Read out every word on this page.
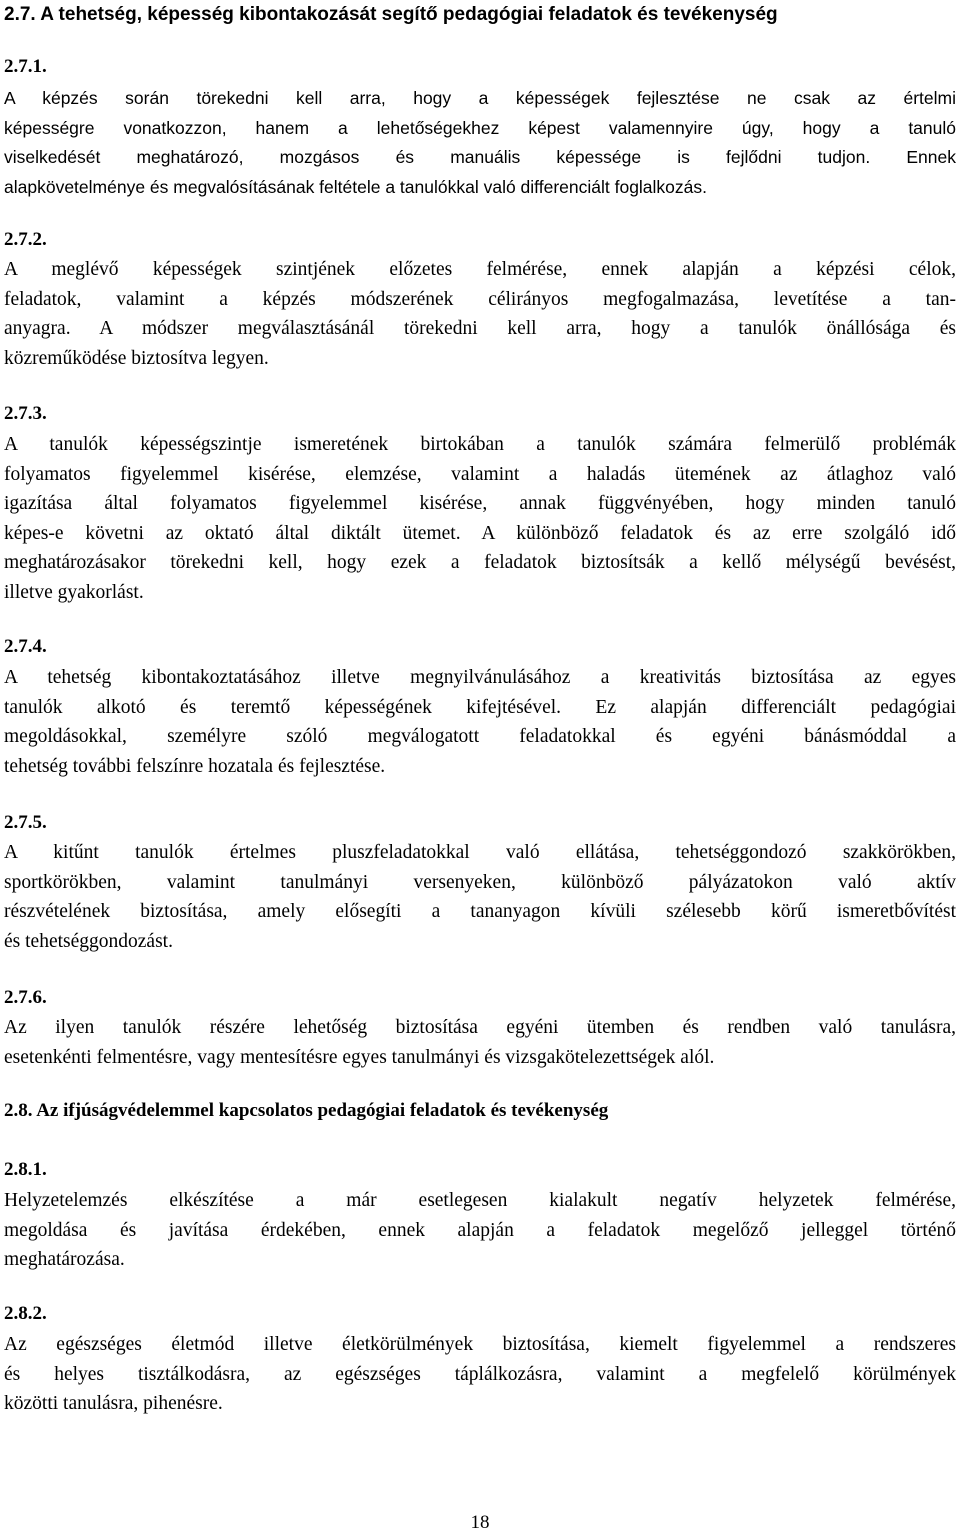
2.7. A tehetség, képesség kibontakozását segítő pedagógiai feladatok és tevékenység
2.7.1.
A képzés során törekedni kell arra, hogy a képességek fejlesztése ne csak az értelmi
képességre vonatkozzon, hanem a lehetőségekhez képest valamennyire úgy, hogy a tanuló
viselkedését meghatározó, mozgásos és manuális képessége is fejlődni tudjon. Ennek
alapkövetelménye és megvalósításának feltétele a tanulókkal való differenciált foglalkozás.
2.7.2.
A meglévő képességek szintjének előzetes felmérése, ennek alapján a képzési célok,
feladatok, valamint a képzés módszerének célirányos megfogalmazása, levetítése a tan-
anyagra. A módszer megválasztásánál törekedni kell arra, hogy a tanulók önállósága és
közreműködése biztosítva legyen.
2.7.3.
A tanulók képességszintje ismeretének birtokában a tanulók számára felmerülő problémák
folyamatos figyelemmel kisérése, elemzése, valamint a haladás ütemének az átlaghoz való
igazítása által folyamatos figyelemmel kisérése, annak függvényében, hogy minden tanuló
képes-e követni az oktató által diktált ütemet. A különböző feladatok és az erre szolgáló idő
meghatározásakor törekedni kell, hogy ezek a feladatok biztosítsák a kellő mélységű bevésést,
illetve gyakorlást.
2.7.4.
A tehetség kibontakoztatásához illetve megnyilvánulásához a kreativitás biztosítása az egyes
tanulók alkotó és teremtő képességének kifejtésével. Ez alapján differenciált pedagógiai
megoldásokkal, személyre szóló megválogatott feladatokkal és egyéni bánásmóddal a
tehetség további felszínre hozatala és fejlesztése.
2.7.5.
A kitűnt tanulók értelmes pluszfeladatokkal való ellátása, tehetséggondozó szakkörökben,
sportkörökben, valamint tanulmányi versenyeken, különböző pályázatokon való aktív
részvételének biztosítása, amely elősegíti a tananyagon kívüli szélesebb körű ismeretbővítést
és tehetséggondozást.
2.7.6.
Az ilyen tanulók részére lehetőség biztosítása egyéni ütemben és rendben való tanulásra,
esetenkénti felmentésre, vagy mentesítésre egyes tanulmányi és vizsgakötelezettségek alól.
2.8. Az ifjúságvédelemmel kapcsolatos pedagógiai feladatok és tevékenység
2.8.1.
Helyzetelemzés elkészítése a már esetlegesen kialakult negatív helyzetek felmérése,
megoldása és javítása érdekében, ennek alapján a feladatok megelőző jelleggel történő
meghatározása.
2.8.2.
Az egészséges életmód illetve életkörülmények biztosítása, kiemelt figyelemmel a rendszeres
és helyes tisztálkodásra, az egészséges táplálkozásra, valamint a megfelelő körülmények
közötti tanulásra, pihenésre.
18
